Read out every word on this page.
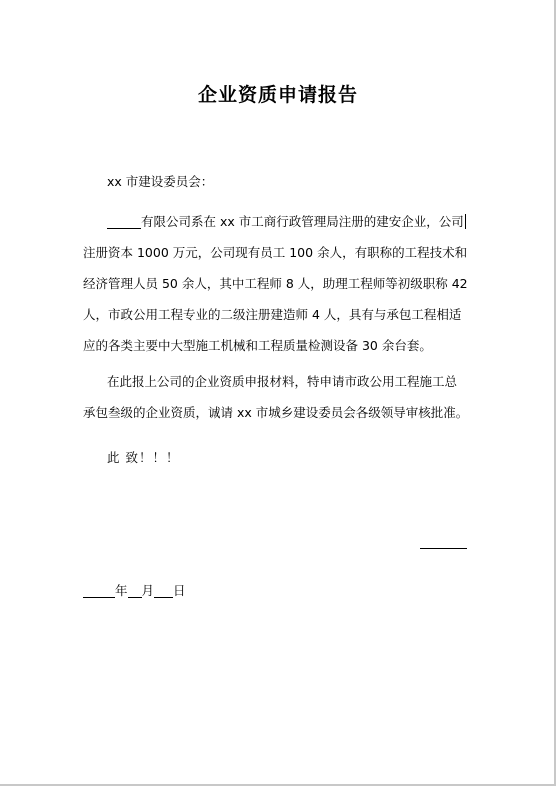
企业资质申请报告
xx 市建设委员会：
有限公司系在 xx 市工商行政管理局注册的建安企业，公司
注册资本 1000 万元，公司现有员工 100 余人，有职称的工程技术和
经济管理人员 50 余人，其中工程师 8 人，助理工程师等初级职称 42
人，市政公用工程专业的二级注册建造师 4 人，具有与承包工程相适
应的各类主要中大型施工机械和工程质量检测设备 30 余台套。
在此报上公司的企业资质申报材料，特申请市政公用工程施工总
承包叁级的企业资质，诚请 xx 市城乡建设委员会各级领导审核批准。
此 致！！！
年 月 日
